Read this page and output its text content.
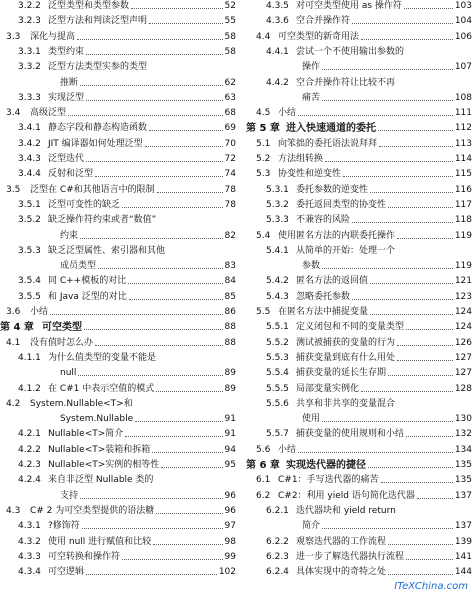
3.2.2 泛型类型和类型参数	52
3.2.3 泛型方法和判读泛型声明	55
3.3	深化与提高	58
3.3.1 类型约束	58
3.3.2 泛型方法类型实参的类型
推断	62
3.3.3 实现泛型	63
3.4	高级泛型	68
3.4.1 静态字段和静态构造函数	69
3.4.2 JIT 编译器如何处理泛型	70
3.4.3 泛型迭代	72
3.4.4 反射和泛型	74
3.5	泛型在 C#和其他语言中的限制	78
3.5.1 泛型可变性的缺乏	78
3.5.2 缺乏操作符约束或者“数值”
约束	82
3.5.3 缺乏泛型属性、索引器和其他
成员类型	83
3.5.4 同 C++模板的对比	84
3.5.5 和 Java 泛型的对比	85
3.6	小结	86
第 4 章 可空类型	88
4.1	没有值时怎么办	88
4.1.1 为什么值类型的变量不能是
null	89
4.1.2 在 C#1 中表示空值的模式	89
4.2	System.Nullable<T>和
System.Nullable	91
4.2.1 Nullable<T>简介	91
4.2.2 Nullable<T>装箱和拆箱	94
4.2.3 Nullable<T>实例的相等性	95
4.2.4 来自非泛型 Nullable 类的
支持	96
4.3	C# 2 为可空类型提供的语法糖	96
4.3.1 ?修饰符	97
4.3.2 使用 null 进行赋值和比较	98
4.3.3 可空转换和操作符	99
4.3.4 可空逻辑	102
4.3.5 对可空类型使用 as 操作符	103
4.3.6 空合并操作符	104
4.4 可空类型的新奇用法	106
4.4.1 尝试一个不使用输出参数的
操作	107
4.4.2 空合并操作符让比较不再
痛苦	108
4.5 小结	111
第 5 章 进入快速通道的委托	112
5.1 向笨拙的委托语法说拜拜	113
5.2 方法组转换	114
5.3 协变性和逆变性	115
5.3.1 委托参数的逆变性	116
5.3.2 委托返回类型的协变性	117
5.3.3 不兼容的风险	118
5.4 使用匿名方法的内联委托操作	119
5.4.1 从简单的开始：处理一个
参数	119
5.4.2 匿名方法的返回值	121
5.4.3 忽略委托参数	123
5.5 在匿名方法中捕捉变量	124
5.5.1 定义闭包和不同的变量类型	124
5.5.2 测试被捕获的变量的行为	126
5.5.3 捕获变量到底有什么用处	127
5.5.4 捕获变量的延长生存期	127
5.5.5 局部变量实例化	128
5.5.6 共享和非共享的变量混合
使用	130
5.5.7 捕获变量的使用规则和小结	132
5.6 小结	134
第 6 章 实现迭代器的捷径	135
6.1 C#1：手写迭代器的痛苦	135
6.2 C#2：利用 yield 语句简化迭代器	137
6.2.1 迭代器块和 yield return
简介	137
6.2.2 观察迭代器的工作流程	139
6.2.3 进一步了解迭代器执行流程	141
6.2.4 具体实现中的奇特之处	144
ITeXChina.com
